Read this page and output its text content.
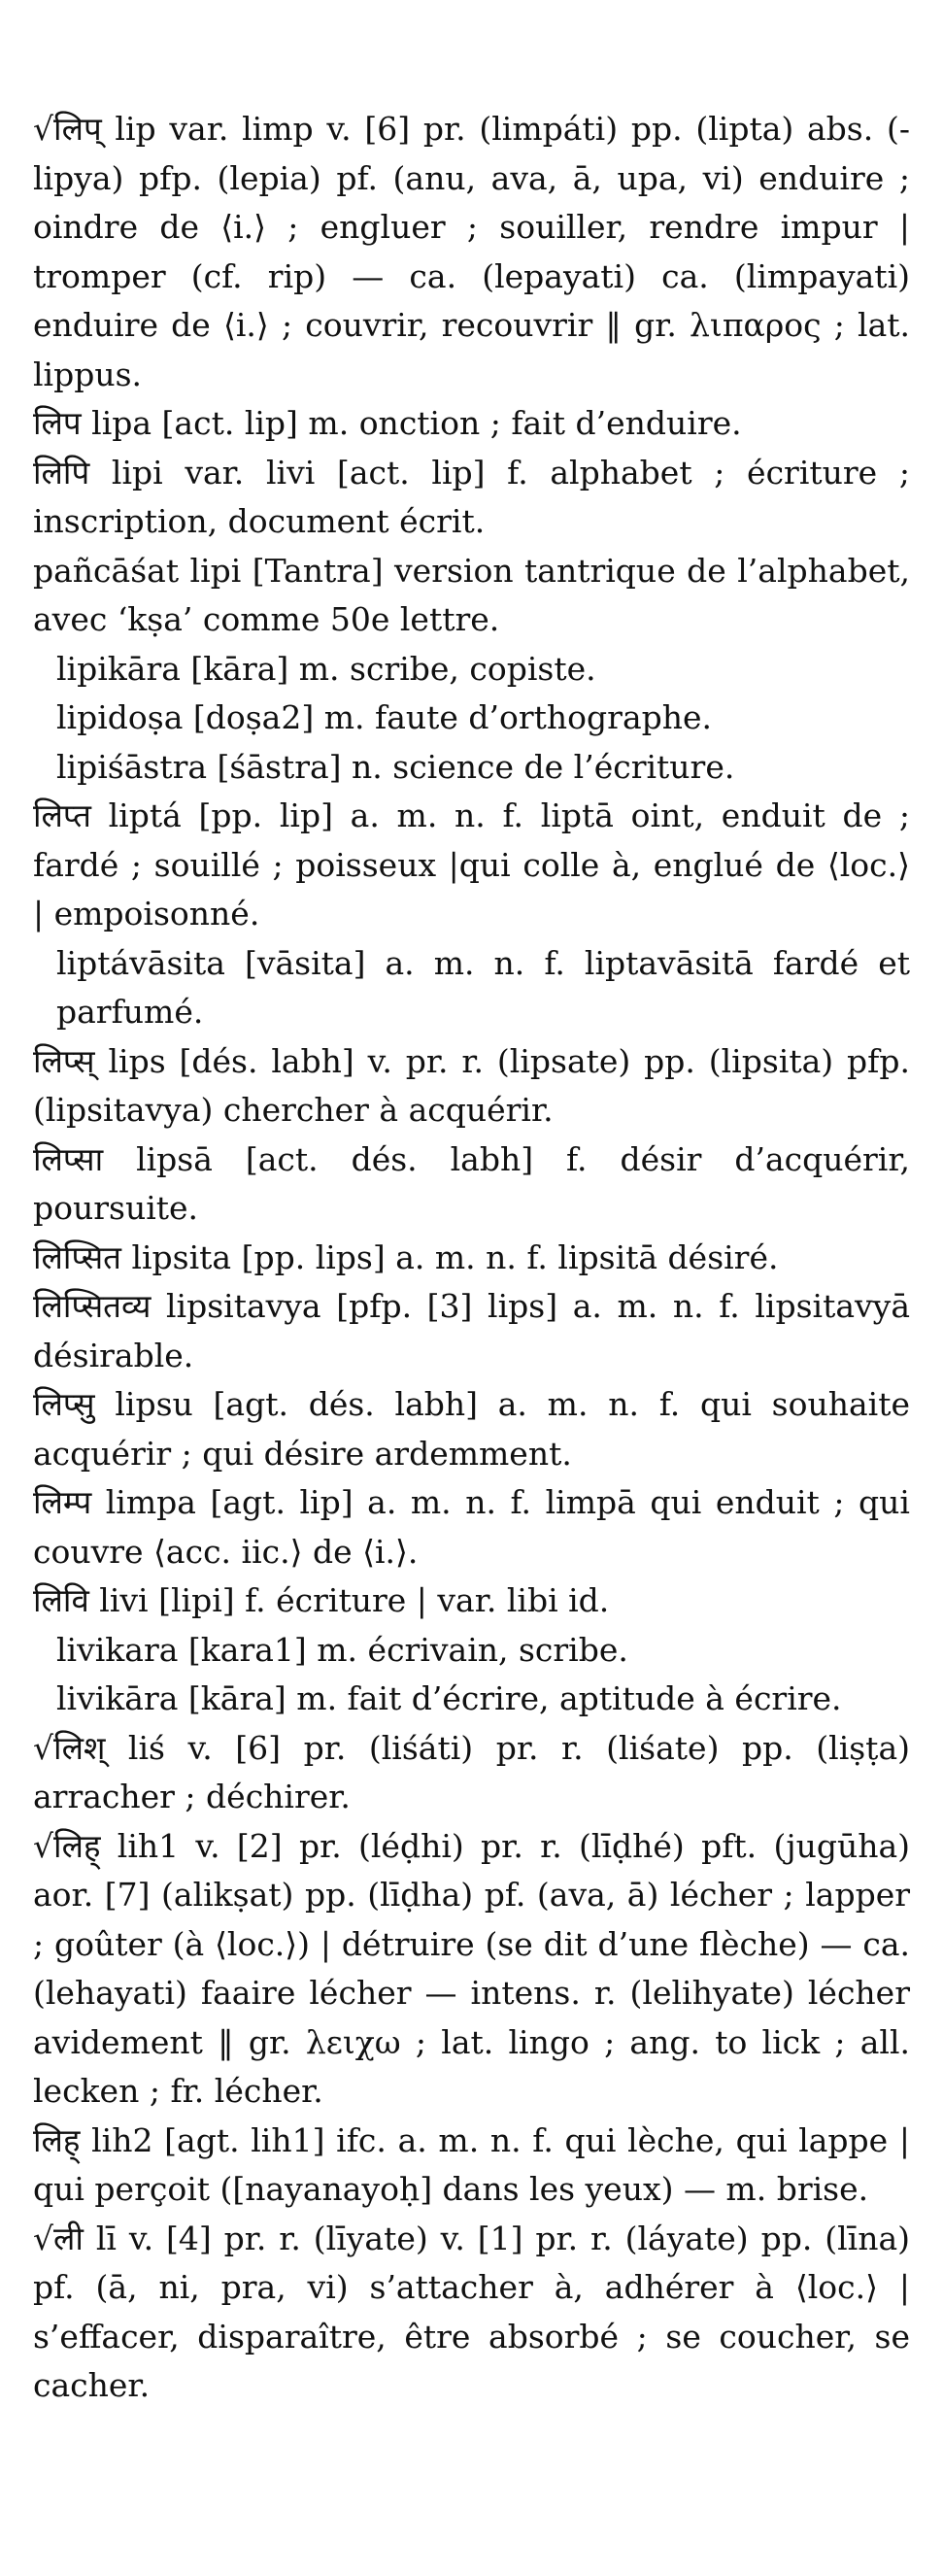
√लिप् lip var. limp v. [6] pr. (limpáti) pp. (lipta) abs. (-lipya) pfp. (lepia) pf. (anu, ava, ā, upa, vi) enduire ; oindre de ⟨i.⟩ ; engluer ; souiller, rendre impur | tromper (cf. rip) — ca. (lepayati) ca. (limpayati) enduire de ⟨i.⟩ ; couvrir, recouvrir ‖ gr. λιπαρος ; lat. lippus.

लिप lipa [act. lip] m. onction ; fait d’enduire.

लिपि lipi var. livi [act. lip] f. alphabet ; écriture ; inscription, document écrit.

pañcāśat lipi [Tantra] version tantrique de l’alphabet, avec ‘kṣa’ comme 50e lettre.

lipikāra [kāra] m. scribe, copiste.

lipidoṣa [doṣa2] m. faute d’orthographe.

lipiśāstra [śāstra] n. science de l’écriture.

लिप्त liptá [pp. lip] a. m. n. f. liptā oint, enduit de ; fardé ; souillé ; poisseux |qui colle à, englué de ⟨loc.⟩ | empoisonné.

liptávāsita [vāsita] a. m. n. f. liptavāsitā fardé et parfumé.

लिप्स् lips [dés. labh] v. pr. r. (lipsate) pp. (lipsita) pfp. (lipsitavya) chercher à acquérir.

लिप्सा lipsā [act. dés. labh] f. désir d’acquérir, poursuite.

लिप्सित lipsita [pp. lips] a. m. n. f. lipsitā désiré.

लिप्सितव्य lipsitavya [pfp. [3] lips] a. m. n. f. lipsitavyā désirable.

लिप्सु lipsu [agt. dés. labh] a. m. n. f. qui souhaite acquérir ; qui désire ardemment.

लिम्प limpa [agt. lip] a. m. n. f. limpā qui enduit ; qui couvre ⟨acc. iic.⟩ de ⟨i.⟩.

लिवि livi [lipi] f. écriture | var. libi id.

livikara [kara1] m. écrivain, scribe.

livikāra [kāra] m. fait d’écrire, aptitude à écrire.

√लिश् liś v. [6] pr. (liśáti) pr. r. (liśate) pp. (liṣṭa) arracher ; déchirer.

√लिह् lih1 v. [2] pr. (léḍhi) pr. r. (līḍhé) pft. (jugūha) aor. [7] (alikṣat) pp. (līḍha) pf. (ava, ā) lécher ; lapper ; goûter (à ⟨loc.⟩) | détruire (se dit d’une flèche) — ca. (lehayati) faaire lécher — intens. r. (lelihyate) lécher avidement ‖ gr. λειχω ; lat. lingo ; ang. to lick ; all. lecken ; fr. lécher.

लिह् lih2 [agt. lih1] ifc. a. m. n. f. qui lèche, qui lappe | qui perçoit ([nayanayoḥ] dans les yeux) — m. brise.

√ली lī v. [4] pr. r. (līyate) v. [1] pr. r. (láyate) pp. (līna) pf. (ā, ni, pra, vi) s’attacher à, adhérer à ⟨loc.⟩ | s’effacer, disparaître, être absorbé ; se coucher, se cacher.
